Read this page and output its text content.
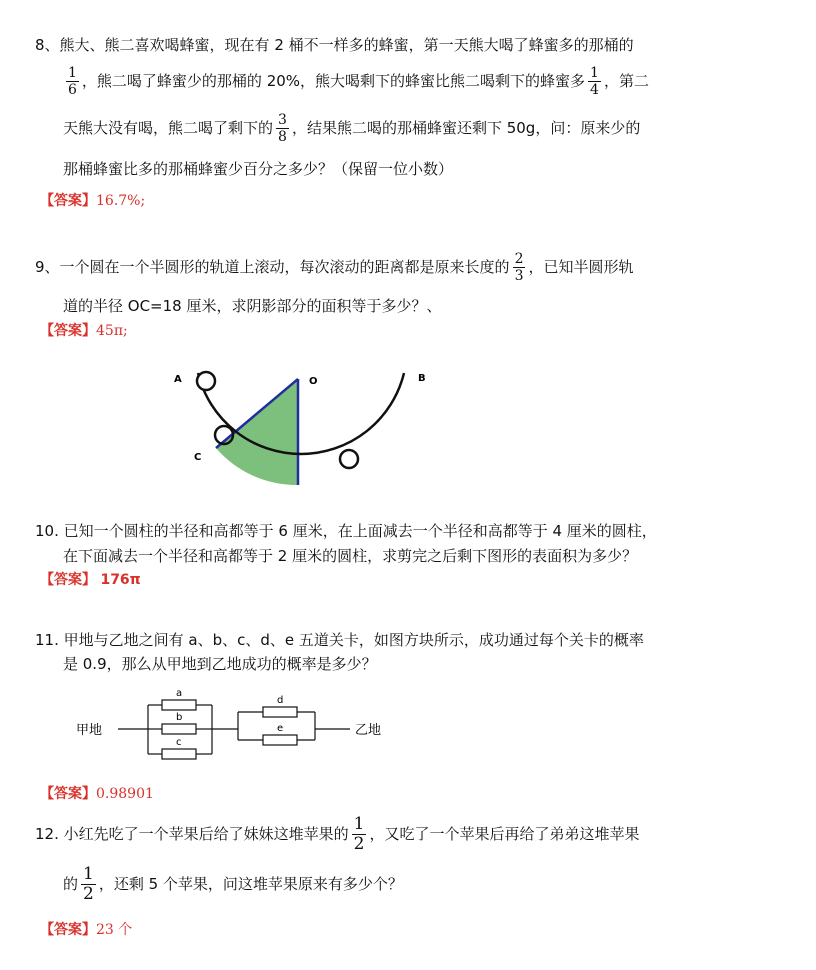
8、熊大、熊二喜欢喝蜂蜜，现在有 2 桶不一样多的蜂蜜，第一天熊大喝了蜂蜜多的那桶的
$\frac{1}{6}$ ，熊二喝了蜂蜜少的那桶的 20%，熊大喝剩下的蜂蜜比熊二喝剩下的蜂蜜多 $\frac{1}{4}$ ，第二
天熊大没有喝，熊二喝了剩下的 $\frac{3}{8}$ ，结果熊二喝的那桶蜂蜜还剩下 50g，问：原来少的
那桶蜂蜜比多的那桶蜂蜜少百分之多少？（保留一位小数）
【答案】16.7%;
9、一个圆在一个半圆形的轨道上滚动，每次滚动的距离都是原来长度的 $\frac{2}{3}$ ，已知半圆形轨
道的半径 OC=18 厘米，求阴影部分的面积等于多少？、
【答案】45π;
A	O	B
C
10. 已知一个圆柱的半径和高都等于 6 厘米，在上面减去一个半径和高都等于 4 厘米的圆柱，
在下面减去一个半径和高都等于 2 厘米的圆柱，求剪完之后剩下图形的表面积为多少？
【答案】 176π
11. 甲地与乙地之间有 a、b、c、d、e 五道关卡，如图方块所示，成功通过每个关卡的概率
是 0.9，那么从甲地到乙地成功的概率是多少？
甲地	乙地
a
b
c
d
e
【答案】0.98901
12. 小红先吃了一个苹果后给了妹妹这堆苹果的 $\frac{1}{2}$ ，又吃了一个苹果后再给了弟弟这堆苹果
的 $\frac{1}{2}$ ，还剩 5 个苹果，问这堆苹果原来有多少个？
【答案】23 个
